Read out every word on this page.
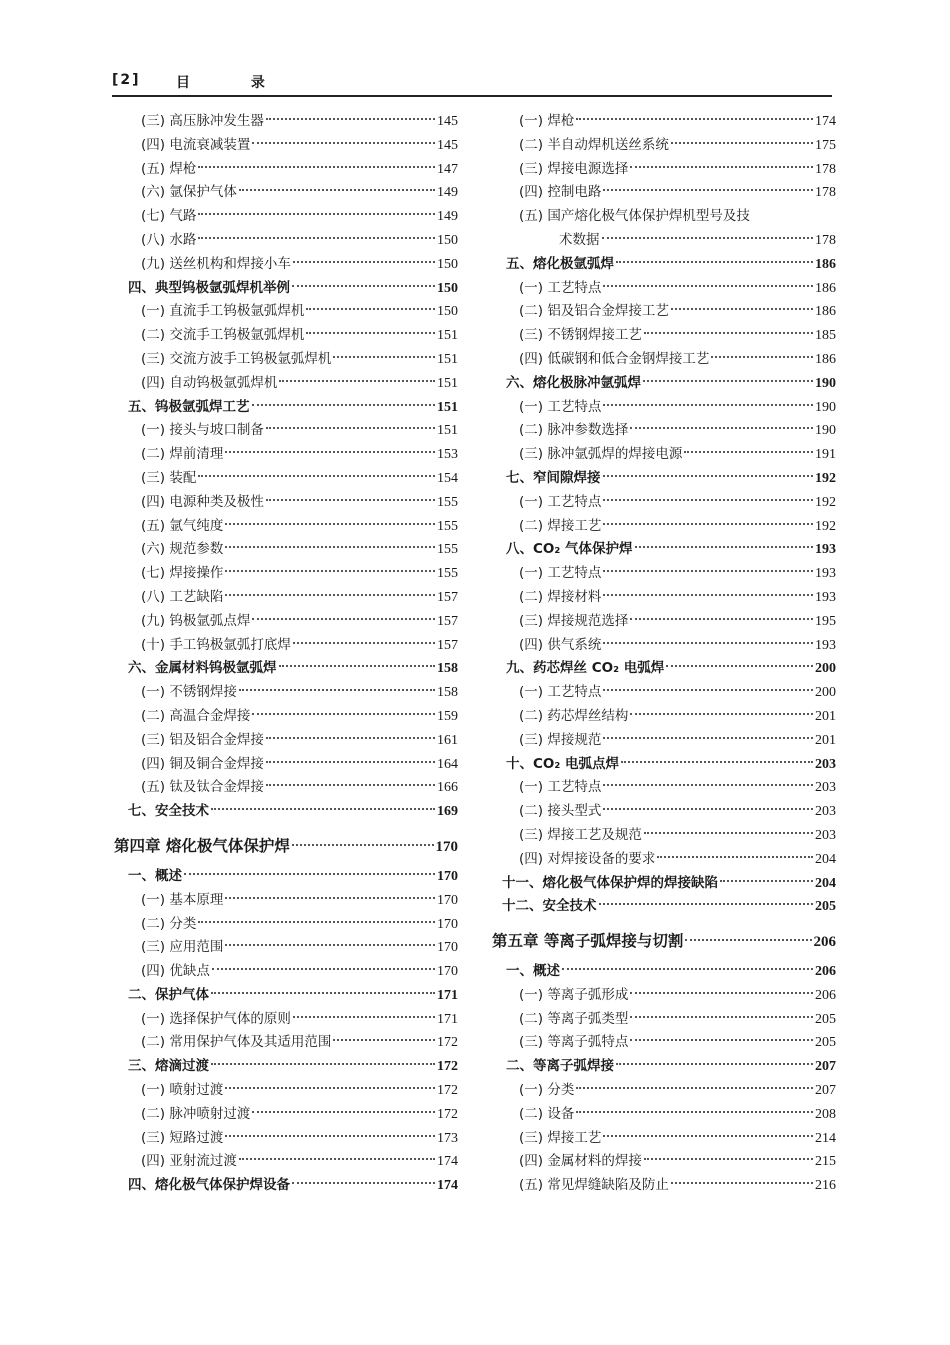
[2]	目 录
(三) 高压脉冲发生器	145
(四) 电流衰减装置	145
(五) 焊枪	147
(六) 氩保护气体	149
(七) 气路	149
(八) 水路	150
(九) 送丝机构和焊接小车	150
四、典型钨极氩弧焊机举例	150
(一) 直流手工钨极氩弧焊机	150
(二) 交流手工钨极氩弧焊机	151
(三) 交流方波手工钨极氩弧焊机	151
(四) 自动钨极氩弧焊机	151
五、钨极氩弧焊工艺	151
(一) 接头与坡口制备	151
(二) 焊前清理	153
(三) 装配	154
(四) 电源种类及极性	155
(五) 氩气纯度	155
(六) 规范参数	155
(七) 焊接操作	155
(八) 工艺缺陷	157
(九) 钨极氩弧点焊	157
(十) 手工钨极氩弧打底焊	157
六、金属材料钨极氩弧焊	158
(一) 不锈钢焊接	158
(二) 高温合金焊接	159
(三) 铝及铝合金焊接	161
(四) 铜及铜合金焊接	164
(五) 钛及钛合金焊接	166
七、安全技术	169
第四章 熔化极气体保护焊	170
一、概述	170
(一) 基本原理	170
(二) 分类	170
(三) 应用范围	170
(四) 优缺点	170
二、保护气体	171
(一) 选择保护气体的原则	171
(二) 常用保护气体及其适用范围	172
三、熔滴过渡	172
(一) 喷射过渡	172
(二) 脉冲喷射过渡	172
(三) 短路过渡	173
(四) 亚射流过渡	174
四、熔化极气体保护焊设备	174
(一) 焊枪	174
(二) 半自动焊机送丝系统	175
(三) 焊接电源选择	178
(四) 控制电路	178
(五) 国产熔化极气体保护焊机型号及技
术数据	178
五、熔化极氩弧焊	186
(一) 工艺特点	186
(二) 铝及铝合金焊接工艺	186
(三) 不锈钢焊接工艺	185
(四) 低碳钢和低合金钢焊接工艺	186
六、熔化极脉冲氩弧焊	190
(一) 工艺特点	190
(二) 脉冲参数选择	190
(三) 脉冲氩弧焊的焊接电源	191
七、窄间隙焊接	192
(一) 工艺特点	192
(二) 焊接工艺	192
八、CO₂ 气体保护焊	193
(一) 工艺特点	193
(二) 焊接材料	193
(三) 焊接规范选择	195
(四) 供气系统	193
九、药芯焊丝 CO₂ 电弧焊	200
(一) 工艺特点	200
(二) 药芯焊丝结构	201
(三) 焊接规范	201
十、CO₂ 电弧点焊	203
(一) 工艺特点	203
(二) 接头型式	203
(三) 焊接工艺及规范	203
(四) 对焊接设备的要求	204
十一、熔化极气体保护焊的焊接缺陷	204
十二、安全技术	205
第五章 等离子弧焊接与切割	206
一、概述	206
(一) 等离子弧形成	206
(二) 等离子弧类型	205
(三) 等离子弧特点	205
二、等离子弧焊接	207
(一) 分类	207
(二) 设备	208
(三) 焊接工艺	214
(四) 金属材料的焊接	215
(五) 常见焊缝缺陷及防止	216
